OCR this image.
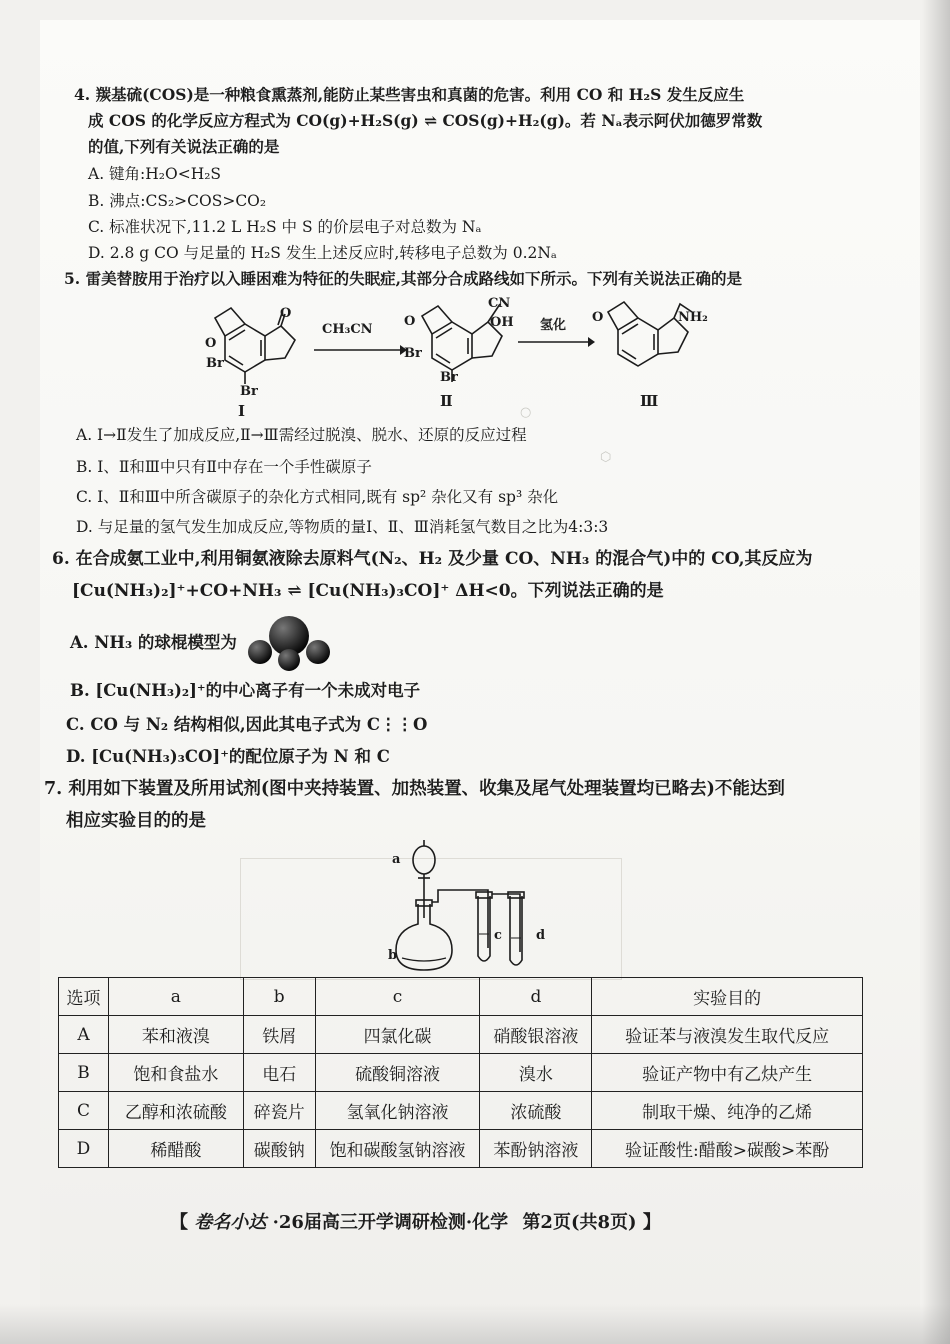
○
⬡
4. 羰基硫(COS)是一种粮食熏蒸剂,能防止某些害虫和真菌的危害。利用 CO 和 H₂S 发生反应生
成 COS 的化学反应方程式为 CO(g)+H₂S(g) ⇌ COS(g)+H₂(g)。若 Nₐ表示阿伏加德罗常数
的值,下列有关说法正确的是
A. 键角:H₂O<H₂S
B. 沸点:CS₂>COS>CO₂
C. 标准状况下,11.2 L H₂S 中 S 的价层电子对总数为 Nₐ
D. 2.8 g CO 与足量的 H₂S 发生上述反应时,转移电子总数为 0.2Nₐ
5. 雷美替胺用于治疗以入睡困难为特征的失眠症,其部分合成路线如下所示。下列有关说法正确的是
O
O
Br
Br
Ⅰ
CH₃CN
CN
OH
Br
Br
O
Ⅱ
氢化
O	NH₂
Ⅲ
A. Ⅰ→Ⅱ发生了加成反应,Ⅱ→Ⅲ需经过脱溴、脱水、还原的反应过程
B. Ⅰ、Ⅱ和Ⅲ中只有Ⅱ中存在一个手性碳原子
C. Ⅰ、Ⅱ和Ⅲ中所含碳原子的杂化方式相同,既有 sp² 杂化又有 sp³ 杂化
D. 与足量的氢气发生加成反应,等物质的量Ⅰ、Ⅱ、Ⅲ消耗氢气数目之比为4:3:3
6. 在合成氨工业中,利用铜氨液除去原料气(N₂、H₂ 及少量 CO、NH₃ 的混合气)中的 CO,其反应为
[Cu(NH₃)₂]⁺+CO+NH₃ ⇌ [Cu(NH₃)₃CO]⁺ ΔH<0。下列说法正确的是
A. NH₃ 的球棍模型为
B. [Cu(NH₃)₂]⁺的中心离子有一个未成对电子
C. CO 与 N₂ 结构相似,因此其电子式为 C⋮⋮O
D. [Cu(NH₃)₃CO]⁺的配位原子为 N 和 C
7. 利用如下装置及所用试剂(图中夹持装置、加热装置、收集及尾气处理装置均已略去)不能达到
相应实验目的的是
a
b
c	d
选项	a	b	c	d	实验目的
A	苯和液溴	铁屑	四氯化碳	硝酸银溶液	验证苯与液溴发生取代反应
B	饱和食盐水	电石	硫酸铜溶液	溴水	验证产物中有乙炔产生
C	乙醇和浓硫酸	碎瓷片	氢氧化钠溶液	浓硫酸	制取干燥、纯净的乙烯
D	稀醋酸	碳酸钠	饱和碳酸氢钠溶液	苯酚钠溶液	验证酸性:醋酸>碳酸>苯酚
【 卷名小达 ·26届高三开学调研检测·化学 第2页(共8页) 】
